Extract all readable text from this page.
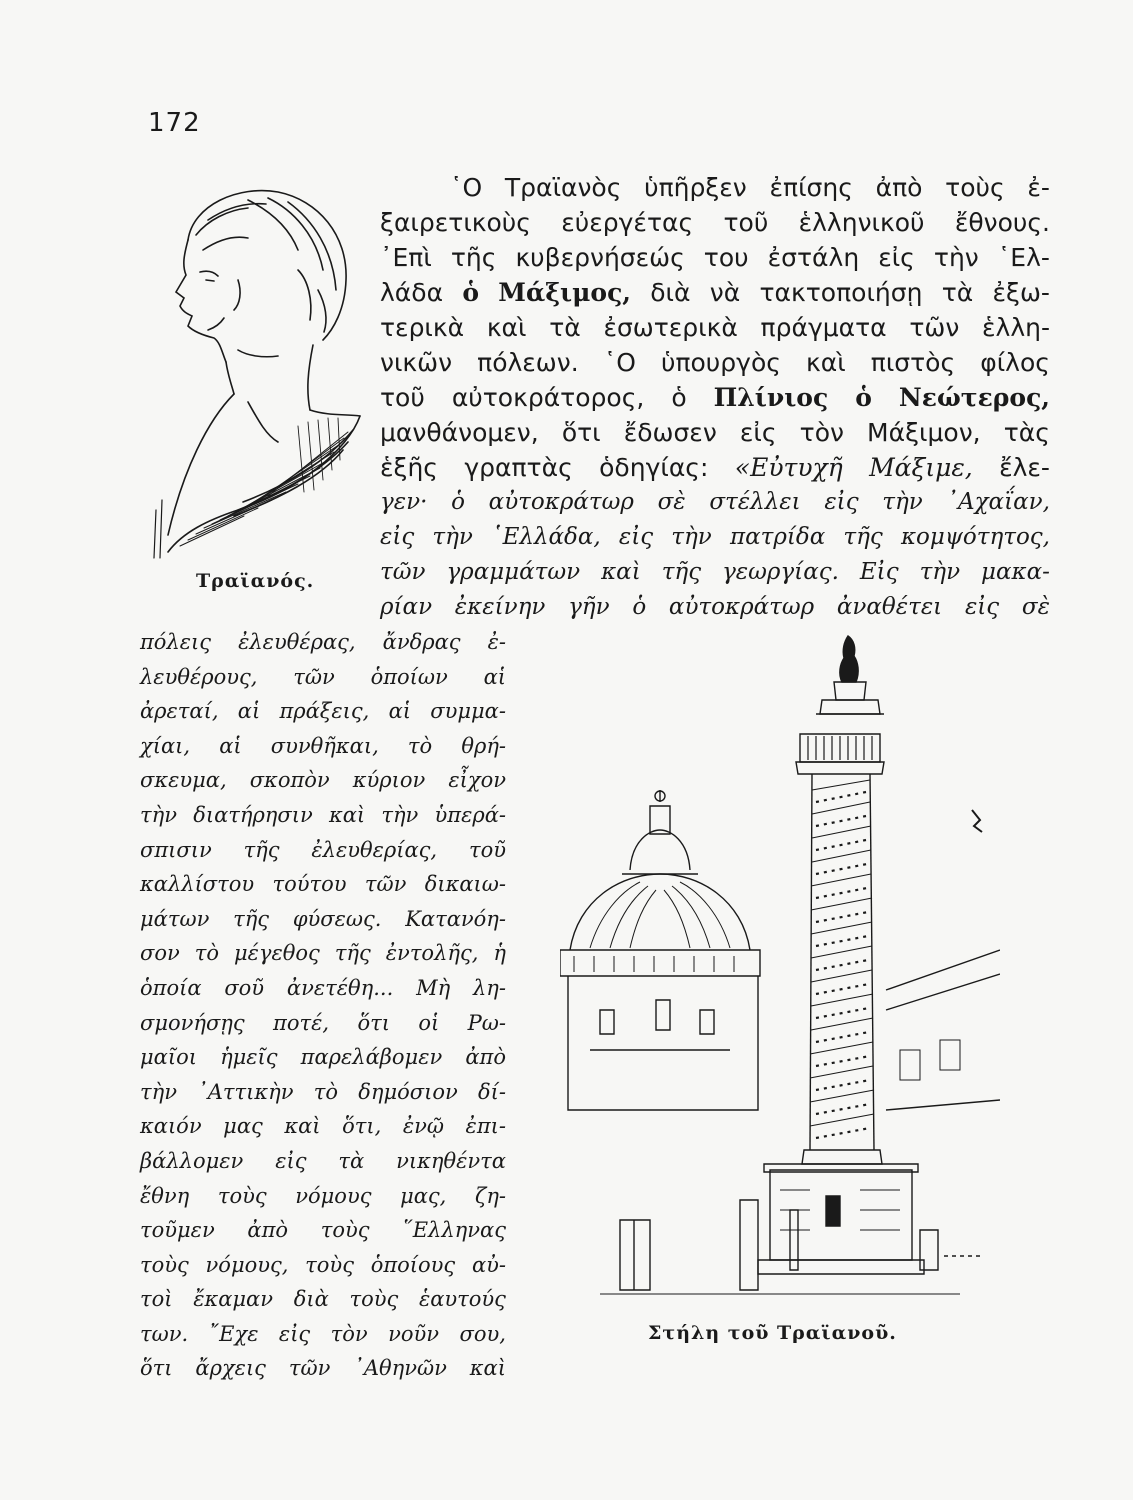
172
Τραϊανός.
῾Ο Τραϊανὸς ὑπῆρξεν ἐπίσης ἀπὸ τοὺς ἐ-
ξαιρετικοὺς εὐεργέτας τοῦ ἑλληνικοῦ ἔθνους.
᾿Επὶ τῆς κυβερνήσεώς του ἐστάλη εἰς τὴν ῾Ελ-
λάδα ὁ Μάξιμος, διὰ νὰ τακτοποιήσῃ τὰ ἐξω-
τερικὰ καὶ τὰ ἐσωτερικὰ πράγματα τῶν ἑλλη-
νικῶν πόλεων. ῾Ο ὑπουργὸς καὶ πιστὸς φίλος
τοῦ αὐτοκράτορος, ὁ Πλίνιος ὁ Νεώτερος,
μανθάνομεν, ὅτι ἔδωσεν εἰς τὸν Μάξιμον, τὰς
ἑξῆς γραπτὰς ὁδηγίας: «Εὐτυχῆ Μάξιμε, ἔλε-
γεν· ὁ αὐτοκράτωρ σὲ στέλλει εἰς τὴν ᾿Αχαΐαν,
εἰς τὴν ῾Ελλάδα, εἰς τὴν πατρίδα τῆς κομψότητος,
τῶν γραμμάτων καὶ τῆς γεωργίας. Εἰς τὴν μακα-
ρίαν ἐκείνην γῆν ὁ αὐτοκράτωρ ἀναθέτει εἰς σὲ
πόλεις ἐλευθέρας, ἄνδρας ἐ-
λευθέρους, τῶν ὁποίων αἱ
ἀρεταί, αἱ πράξεις, αἱ συμμα-
χίαι, αἱ συνθῆκαι, τὸ θρή-
σκευμα, σκοπὸν κύριον εἶχον
τὴν διατήρησιν καὶ τὴν ὑπερά-
σπισιν τῆς ἐλευθερίας, τοῦ
καλλίστου τούτου τῶν δικαιω-
μάτων τῆς φύσεως. Κατανόη-
σον τὸ μέγεθος τῆς ἐντολῆς, ἡ
ὁποία σοῦ ἀνετέθη... Μὴ λη-
σμονήσῃς ποτέ, ὅτι οἱ Ρω-
μαῖοι ἡμεῖς παρελάβομεν ἀπὸ
τὴν ᾿Αττικὴν τὸ δημόσιον δί-
καιόν μας καὶ ὅτι, ἐνῷ ἐπι-
βάλλομεν εἰς τὰ νικηθέντα
ἔθνη τοὺς νόμους μας, ζη-
τοῦμεν ἀπὸ τοὺς ῞Ελληνας
τοὺς νόμους, τοὺς ὁποίους αὐ-
τοὶ ἔκαμαν διὰ τοὺς ἑαυτούς
των. ῎Εχε εἰς τὸν νοῦν σου,
ὅτι ἄρχεις τῶν ᾿Αθηνῶν καὶ
Στήλη τοῦ Τραϊανοῦ.
